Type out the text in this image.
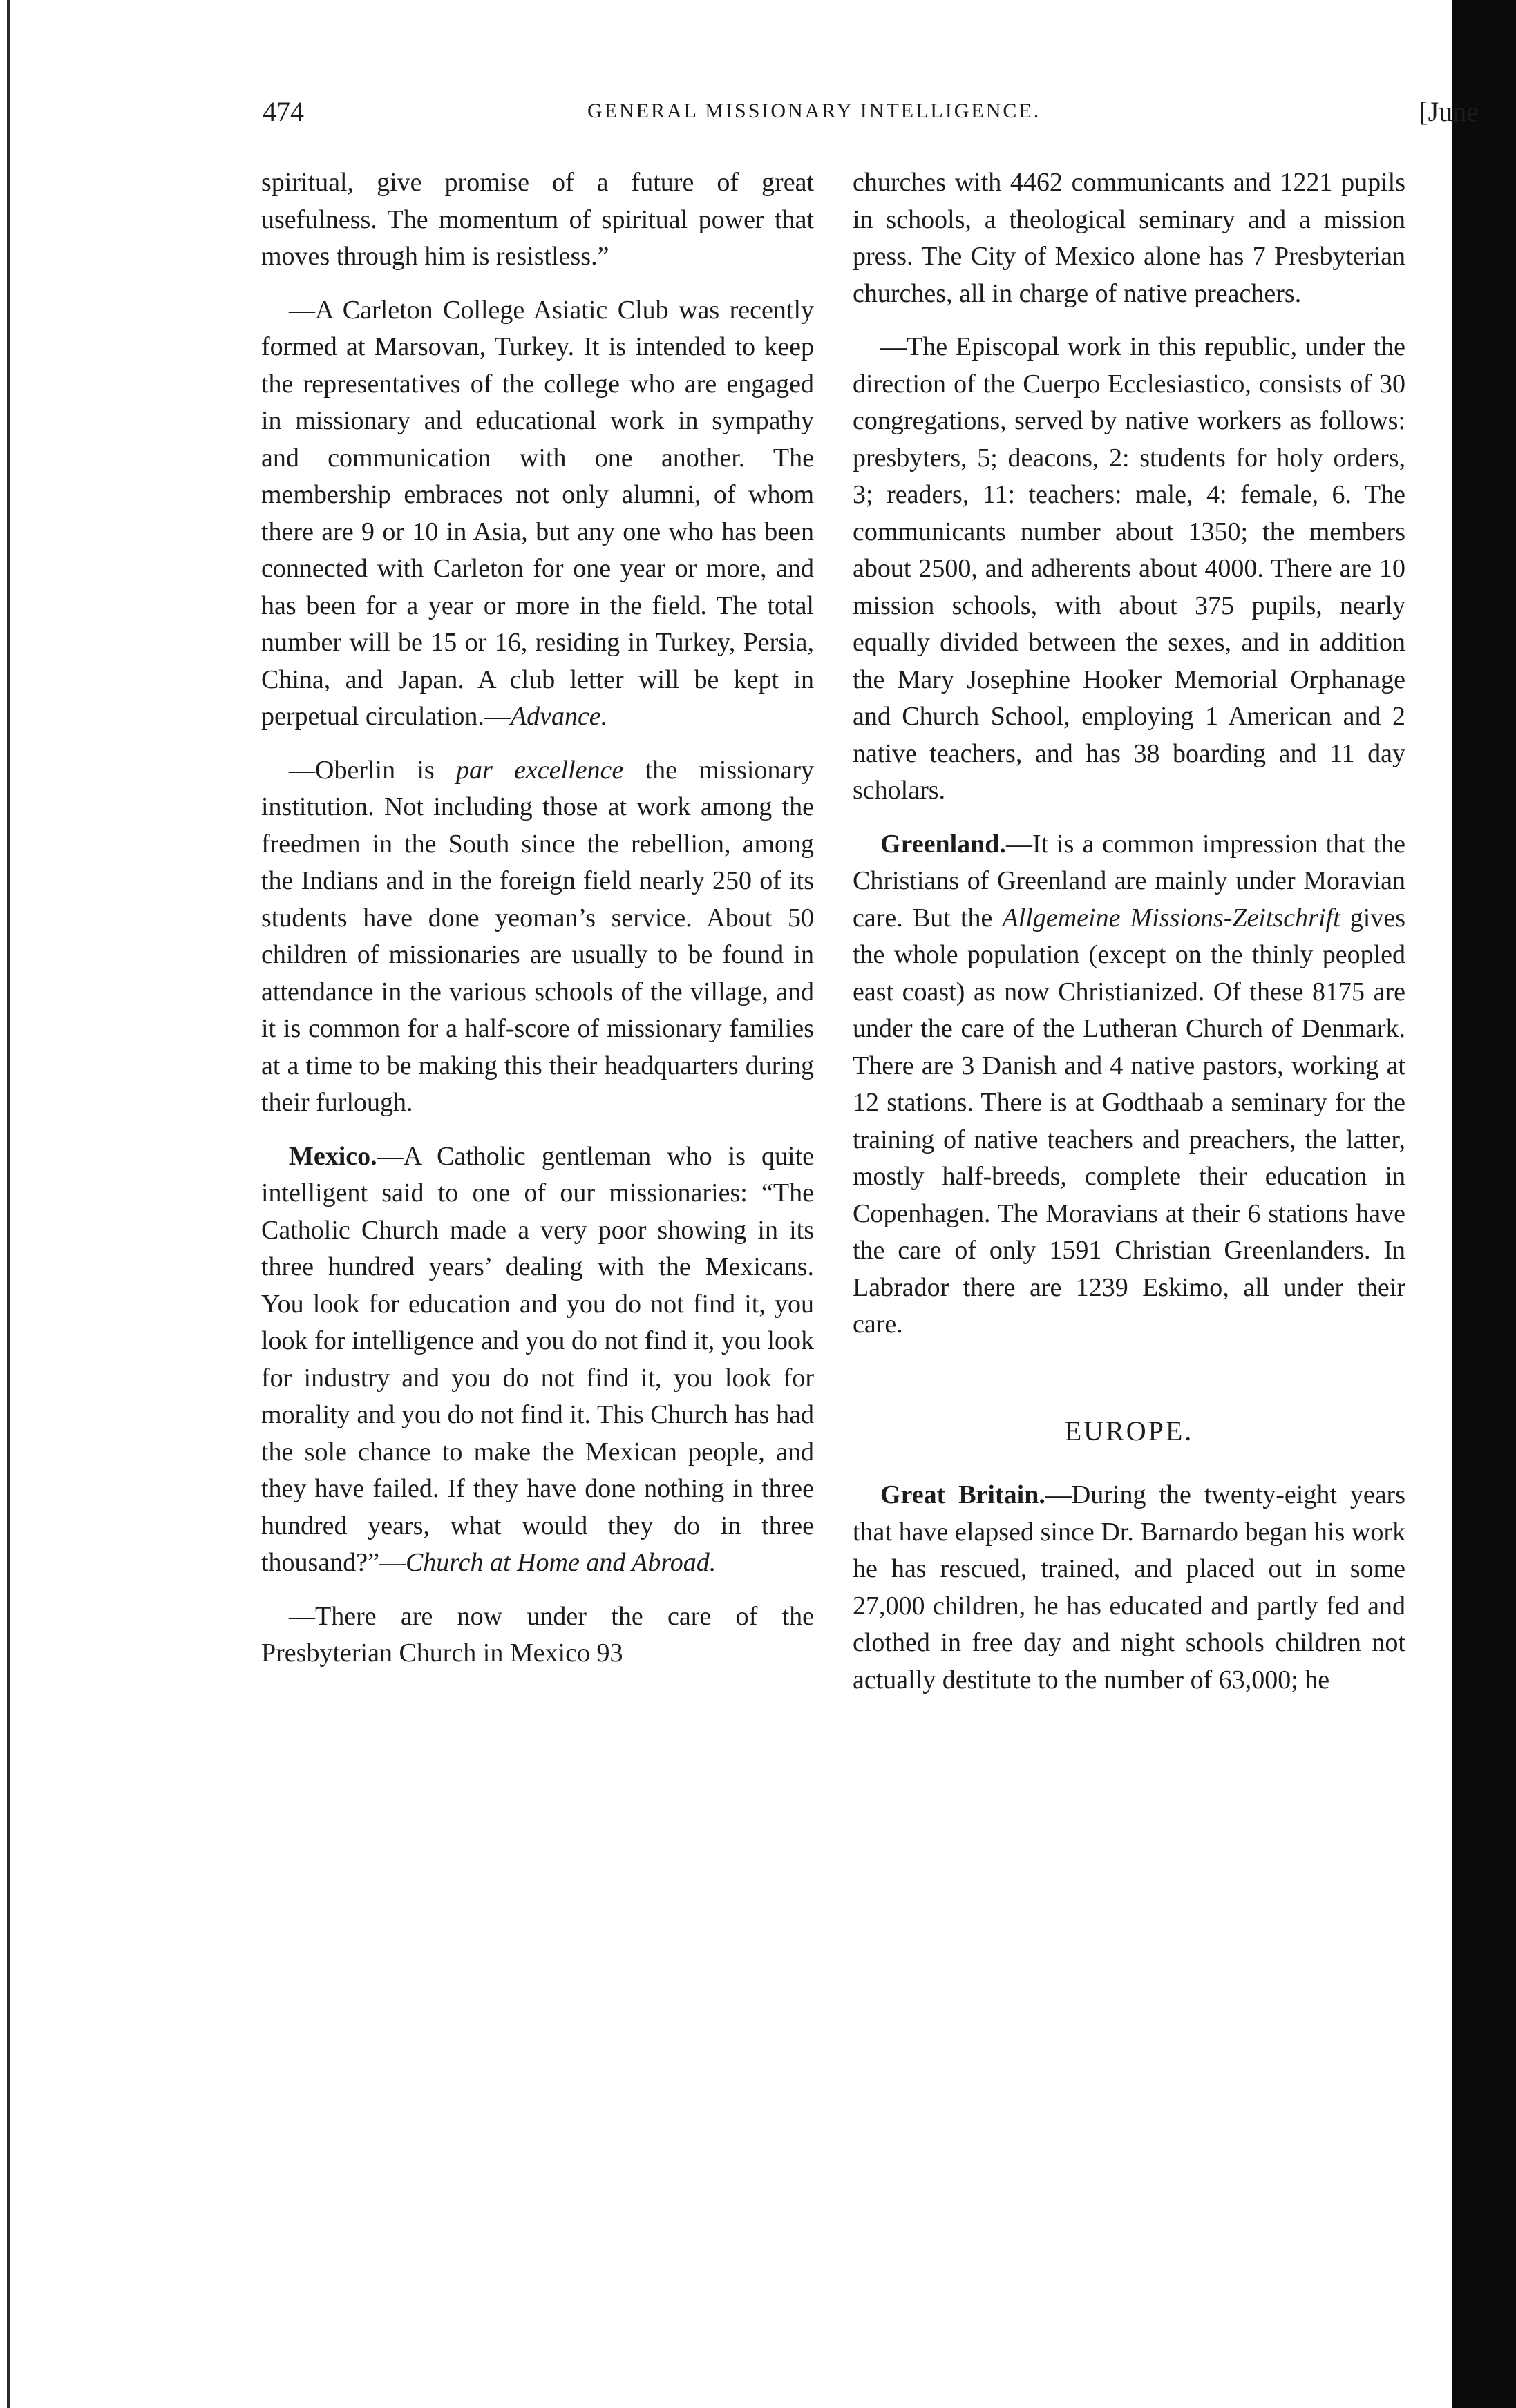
474	GENERAL MISSIONARY INTELLIGENCE.	[June

spiritual, give promise of a future of great usefulness. The momentum of spiritual power that moves through him is resistless.”

—A Carleton College Asiatic Club was recently formed at Marsovan, Turkey. It is intended to keep the representatives of the college who are engaged in missionary and educational work in sympathy and communication with one another. The membership embraces not only alumni, of whom there are 9 or 10 in Asia, but any one who has been connected with Carleton for one year or more, and has been for a year or more in the field. The total number will be 15 or 16, residing in Turkey, Persia, China, and Japan. A club letter will be kept in perpetual circulation.—Advance.

—Oberlin is par excellence the missionary institution. Not including those at work among the freedmen in the South since the rebellion, among the Indians and in the foreign field nearly 250 of its students have done yeoman’s service. About 50 children of missionaries are usually to be found in attendance in the various schools of the village, and it is common for a half-score of missionary families at a time to be making this their headquarters during their furlough.

Mexico.—A Catholic gentleman who is quite intelligent said to one of our missionaries: “The Catholic Church made a very poor showing in its three hundred years’ dealing with the Mexicans. You look for education and you do not find it, you look for intelligence and you do not find it, you look for industry and you do not find it, you look for morality and you do not find it. This Church has had the sole chance to make the Mexican people, and they have failed. If they have done nothing in three hundred years, what would they do in three thousand?”—Church at Home and Abroad.

—There are now under the care of the Presbyterian Church in Mexico 93

churches with 4462 communicants and 1221 pupils in schools, a theological seminary and a mission press. The City of Mexico alone has 7 Presbyterian churches, all in charge of native preachers.

—The Episcopal work in this republic, under the direction of the Cuerpo Ecclesiastico, consists of 30 congregations, served by native workers as follows: presbyters, 5; deacons, 2: students for holy orders, 3; readers, 11: teachers: male, 4: female, 6. The communicants number about 1350; the members about 2500, and adherents about 4000. There are 10 mission schools, with about 375 pupils, nearly equally divided between the sexes, and in addition the Mary Josephine Hooker Memorial Orphanage and Church School, employing 1 American and 2 native teachers, and has 38 boarding and 11 day scholars.

Greenland.—It is a common impression that the Christians of Greenland are mainly under Moravian care. But the Allgemeine Missions-Zeitschrift gives the whole population (except on the thinly peopled east coast) as now Christianized. Of these 8175 are under the care of the Lutheran Church of Denmark. There are 3 Danish and 4 native pastors, working at 12 stations. There is at Godthaab a seminary for the training of native teachers and preachers, the latter, mostly half-breeds, complete their education in Copenhagen. The Moravians at their 6 stations have the care of only 1591 Christian Greenlanders. In Labrador there are 1239 Eskimo, all under their care.

EUROPE.

Great Britain.—During the twenty-eight years that have elapsed since Dr. Barnardo began his work he has rescued, trained, and placed out in some 27,000 children, he has educated and partly fed and clothed in free day and night schools children not actually destitute to the number of 63,000; he
